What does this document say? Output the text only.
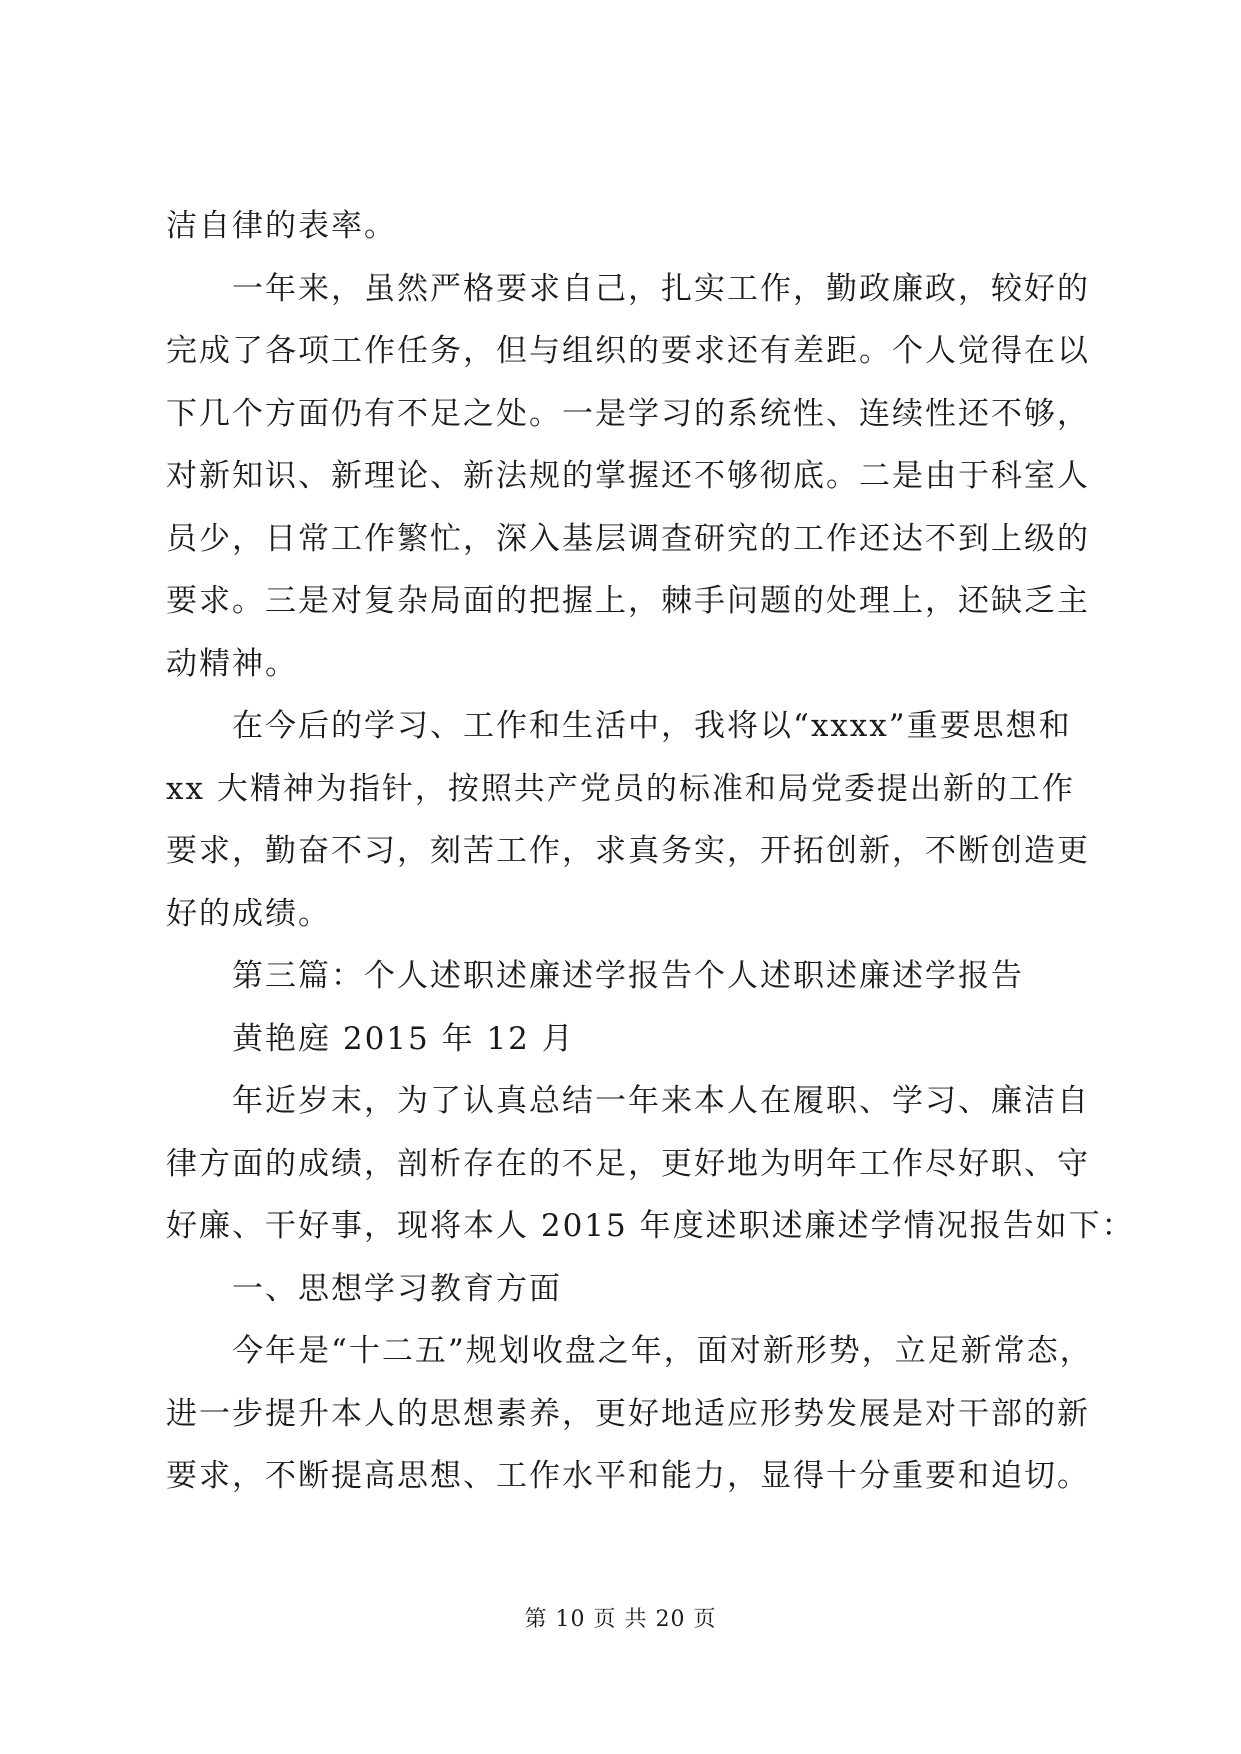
洁自律的表率。
一年来，虽然严格要求自己，扎实工作，勤政廉政，较好的
完成了各项工作任务，但与组织的要求还有差距。个人觉得在以
下几个方面仍有不足之处。一是学习的系统性、连续性还不够，
对新知识、新理论、新法规的掌握还不够彻底。二是由于科室人
员少，日常工作繁忙，深入基层调查研究的工作还达不到上级的
要求。三是对复杂局面的把握上，棘手问题的处理上，还缺乏主
动精神。
在今后的学习、工作和生活中，我将以“xxxx”重要思想和
xx 大精神为指针，按照共产党员的标准和局党委提出新的工作
要求，勤奋不习，刻苦工作，求真务实，开拓创新，不断创造更
好的成绩。
第三篇：个人述职述廉述学报告个人述职述廉述学报告
黄艳庭 2015 年 12 月
年近岁末，为了认真总结一年来本人在履职、学习、廉洁自
律方面的成绩，剖析存在的不足，更好地为明年工作尽好职、守
好廉、干好事，现将本人 2015 年度述职述廉述学情况报告如下：
一、思想学习教育方面
今年是“十二五”规划收盘之年，面对新形势，立足新常态，
进一步提升本人的思想素养，更好地适应形势发展是对干部的新
要求，不断提高思想、工作水平和能力，显得十分重要和迫切。
第 10 页 共 20 页
